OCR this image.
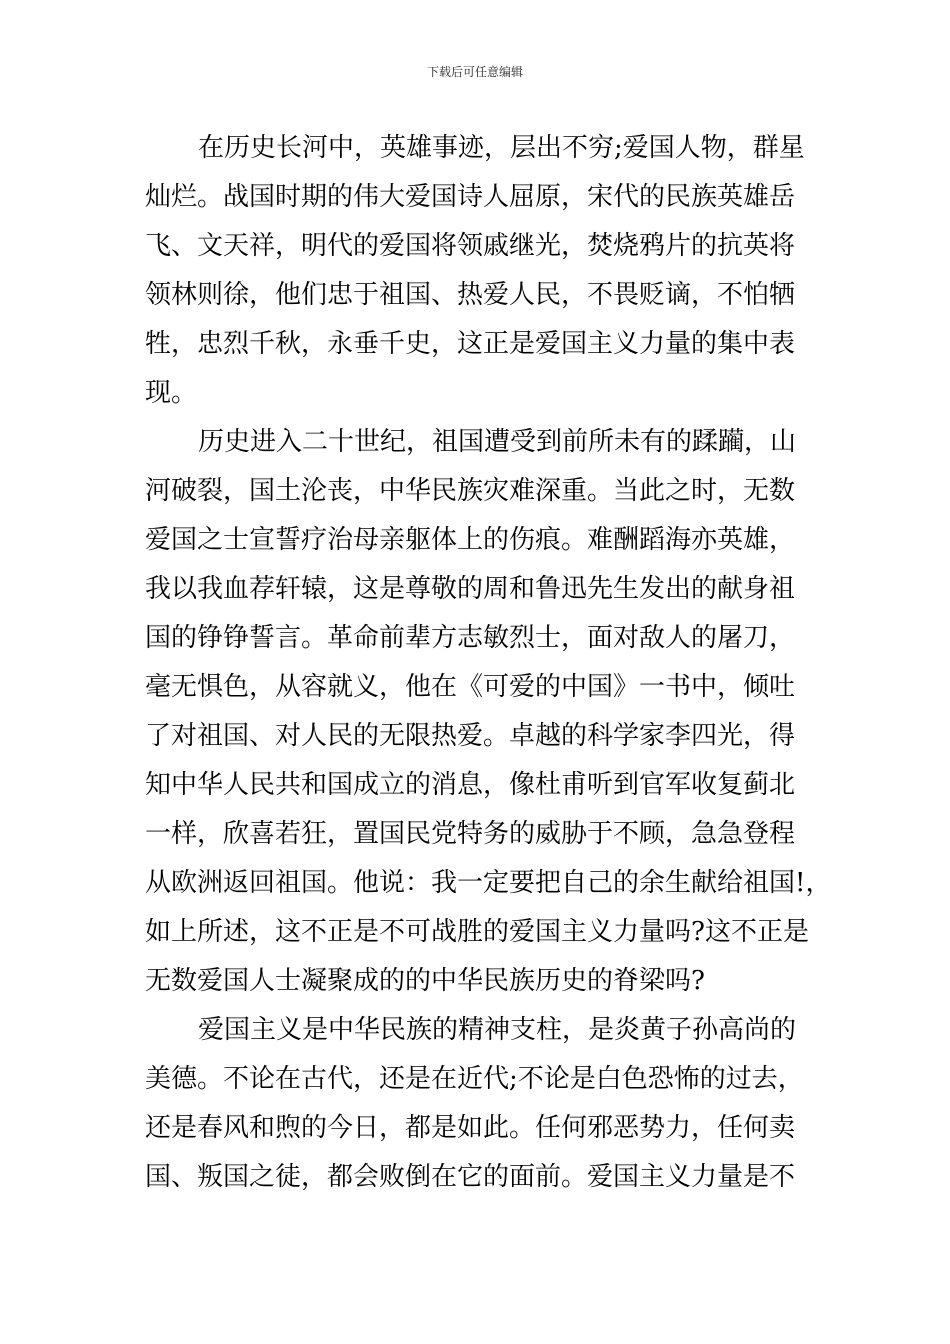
下载后可任意编辑
在历史长河中，英雄事迹，层出不穷;爱国人物，群星
灿烂。战国时期的伟大爱国诗人屈原，宋代的民族英雄岳
飞、文天祥，明代的爱国将领戚继光，焚烧鸦片的抗英将
领林则徐，他们忠于祖国、热爱人民，不畏贬谪，不怕牺
牲，忠烈千秋，永垂千史，这正是爱国主义力量的集中表
现。
历史进入二十世纪，祖国遭受到前所未有的蹂躏，山
河破裂，国土沦丧，中华民族灾难深重。当此之时，无数
爱国之士宣誓疗治母亲躯体上的伤痕。难酬蹈海亦英雄，
我以我血荐轩辕，这是尊敬的周和鲁迅先生发出的献身祖
国的铮铮誓言。革命前辈方志敏烈士，面对敌人的屠刀，
毫无惧色，从容就义，他在《可爱的中国》一书中，倾吐
了对祖国、对人民的无限热爱。卓越的科学家李四光，得
知中华人民共和国成立的消息，像杜甫听到官军收复蓟北
一样，欣喜若狂，置国民党特务的威胁于不顾，急急登程
从欧洲返回祖国。他说：我一定要把自己的余生献给祖国!，
如上所述，这不正是不可战胜的爱国主义力量吗?这不正是
无数爱国人士凝聚成的的中华民族历史的脊梁吗?
爱国主义是中华民族的精神支柱，是炎黄子孙高尚的
美德。不论在古代，还是在近代;不论是白色恐怖的过去，
还是春风和煦的今日，都是如此。任何邪恶势力，任何卖
国、叛国之徒，都会败倒在它的面前。爱国主义力量是不
